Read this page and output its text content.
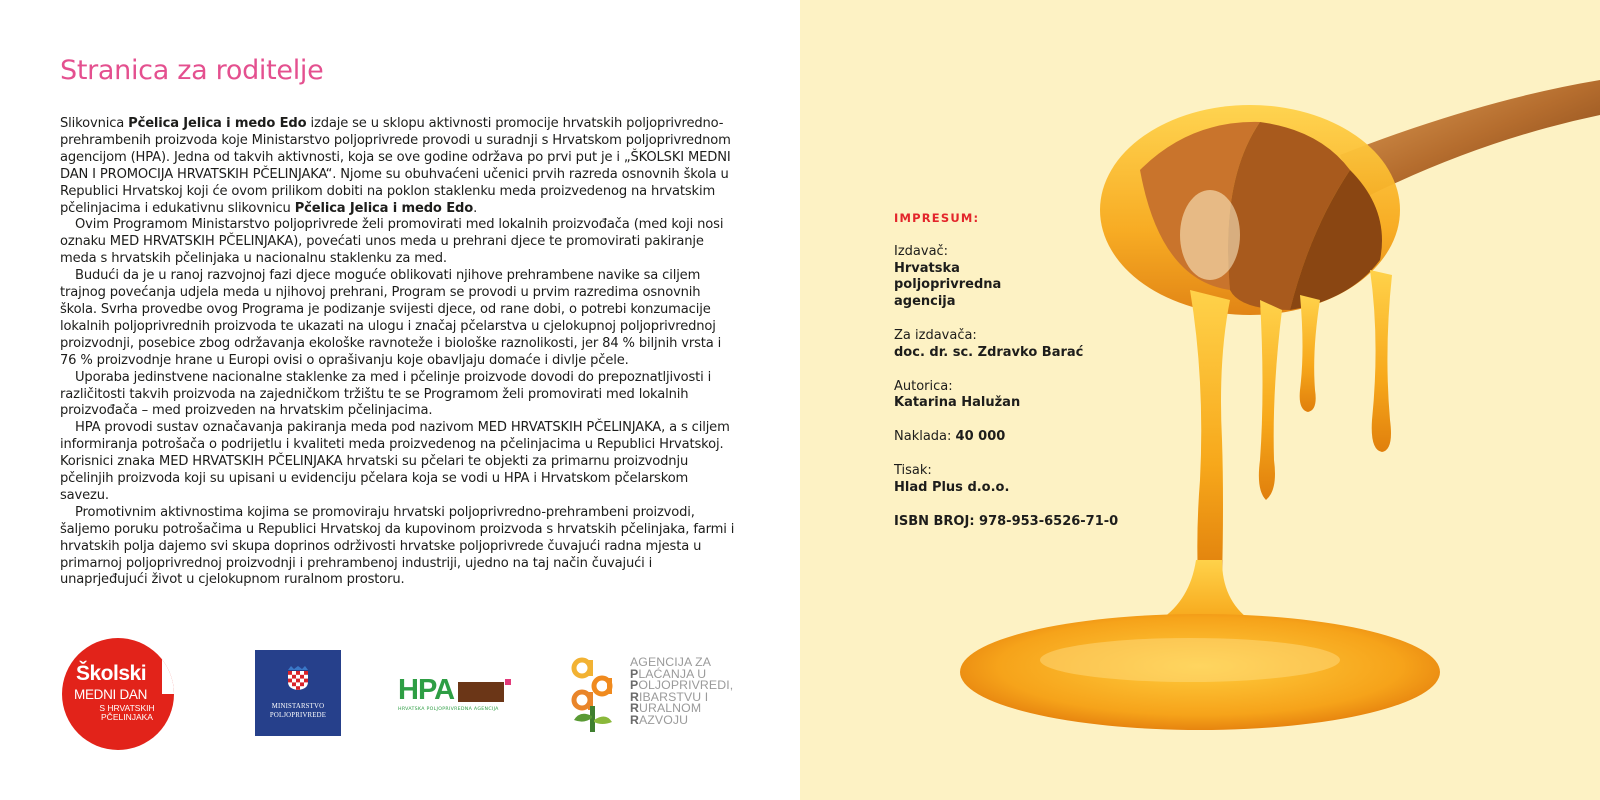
Stranica za roditelje

Slikovnica Pčelica Jelica i medo Edo izdaje se u sklopu aktivnosti promocije hrvatskih poljoprivredno-prehrambenih proizvoda koje Ministarstvo poljoprivrede provodi u suradnji s Hrvatskom poljoprivrednom agencijom (HPA). Jedna od takvih aktivnosti, koja se ove godine održava po prvi put je i „ŠKOLSKI MEDNI DAN I PROMOCIJA HRVATSKIH PČELINJAKA“. Njome su obuhvaćeni učenici prvih razreda osnovnih škola u Republici Hrvatskoj koji će ovom prilikom dobiti na poklon staklenku meda proizvedenog na hrvatskim pčelinjacima i edukativnu slikovnicu Pčelica Jelica i medo Edo.

Ovim Programom Ministarstvo poljoprivrede želi promovirati med lokalnih proizvođača (med koji nosi oznaku MED HRVATSKIH PČELINJAKA), povećati unos meda u prehrani djece te promovirati pakiranje meda s hrvatskih pčelinjaka u nacionalnu staklenku za med.

Budući da je u ranoj razvojnoj fazi djece moguće oblikovati njihove prehrambene navike sa ciljem trajnog povećanja udjela meda u njihovoj prehrani, Program se provodi u prvim razredima osnovnih škola. Svrha provedbe ovog Programa je podizanje svijesti djece, od rane dobi, o potrebi konzumacije lokalnih poljoprivrednih proizvoda te ukazati na ulogu i značaj pčelarstva u cjelokupnoj poljoprivrednoj proizvodnji, posebice zbog održavanja ekološke ravnoteže i biološke raznolikosti, jer 84 % biljnih vrsta i 76 % proizvodnje hrane u Europi ovisi o oprašivanju koje obavljaju domaće i divlje pčele.

Uporaba jedinstvene nacionalne staklenke za med i pčelinje proizvode dovodi do prepoznatljivosti i različitosti takvih proizvoda na zajedničkom tržištu te se Programom želi promovirati med lokalnih proizvođača – med proizveden na hrvatskim pčelinjacima.

HPA provodi sustav označavanja pakiranja meda pod nazivom MED HRVATSKIH PČELINJAKA, a s ciljem informiranja potrošača o podrijetlu i kvaliteti meda proizvedenog na pčelinjacima u Republici Hrvatskoj. Korisnici znaka MED HRVATSKIH PČELINJAKA hrvatski su pčelari te objekti za primarnu proizvodnju pčelinjih proizvoda koji su upisani u evidenciju pčelara koja se vodi u HPA i Hrvatskom pčelarskom savezu.

Promotivnim aktivnostima kojima se promoviraju hrvatski poljoprivredno-prehrambeni proizvodi, šaljemo poruku potrošačima u Republici Hrvatskoj da kupovinom proizvoda s hrvatskih pčelinjaka, farmi i hrvatskih polja dajemo svi skupa doprinos održivosti hrvatske poljoprivrede čuvajući radna mjesta u primarnoj poljoprivrednoj proizvodnji i prehrambenoj industriji, ujedno na taj način čuvajući i unaprjeđujući život u cjelokupnom ruralnom prostoru.

Školski
MEDNI DAN
S HRVATSKIH
PČELINJAKA
MINISTARSTVO
POLJOPRIVREDE
HPA
HRVATSKA POLJOPRIVREDNA AGENCIJA
AGENCIJA ZA
PLAĆANJA U
POLJOPRIVREDI,
RIBARSTVU I
RURALNOM
RAZVOJU
IMPRESUM:
Izdavač:
Hrvatska
poljoprivredna
agencija
Za izdavača:
doc. dr. sc. Zdravko Barać
Autorica:
Katarina Halužan
Naklada: 40 000
Tisak:
Hlad Plus d.o.o.
ISBN BROJ: 978-953-6526-71-0
